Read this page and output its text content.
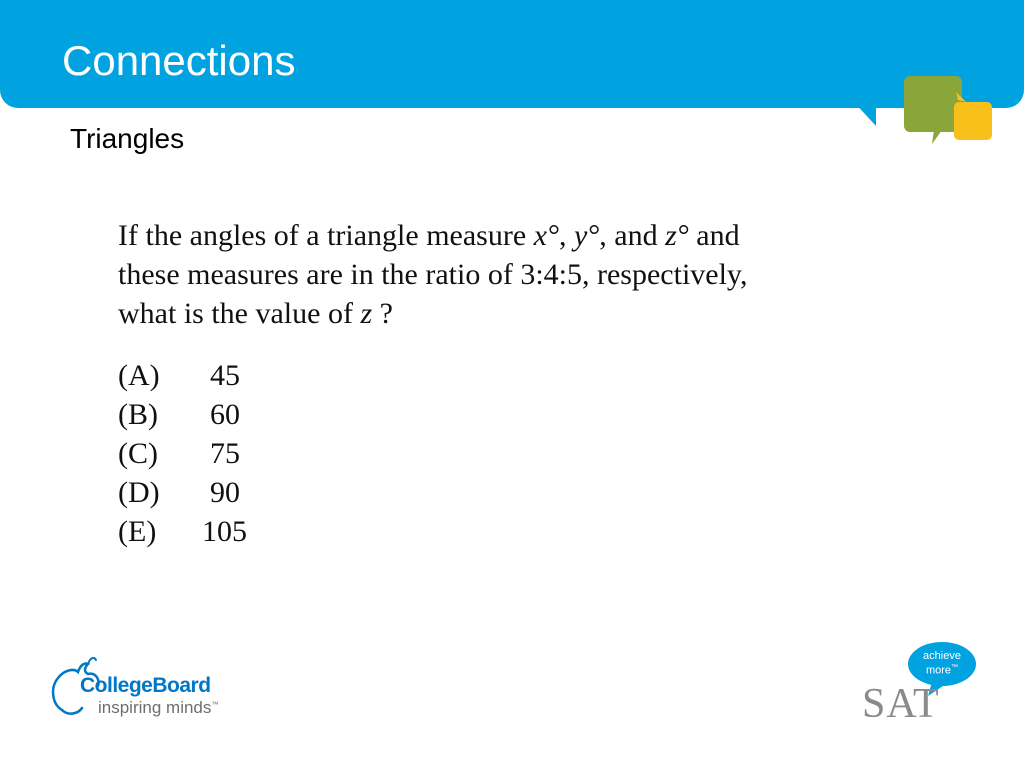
Connections
Triangles

If the angles of a triangle measure x°, y°, and z° and

these measures are in the ratio of 3:4:5, respectively,

what is the value of z ?

(A)	45
(B)	60
(C)	75
(D)	90
(E)	105
CollegeBoard
inspiring minds™
achieve
more™
SAT
